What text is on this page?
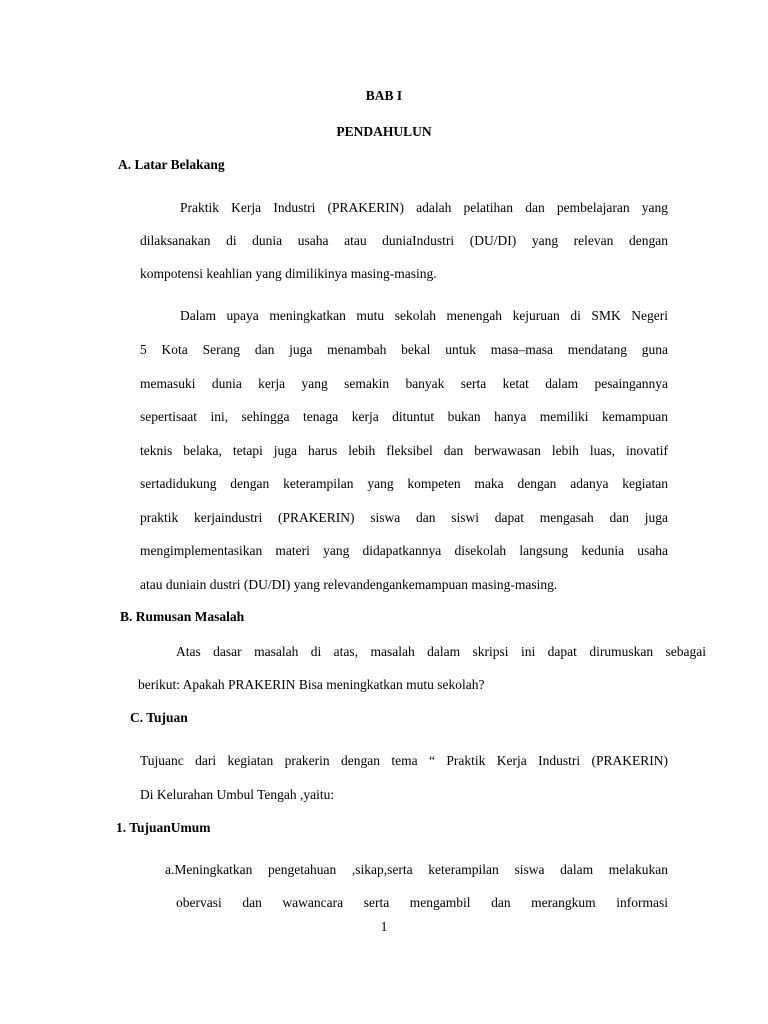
BAB I
PENDAHULUN
A. Latar Belakang
Praktik Kerja Industri (PRAKERIN) adalah pelatihan dan pembelajaran yang
dilaksanakan di dunia usaha atau duniaIndustri (DU/DI) yang relevan dengan
kompotensi keahlian yang dimilikinya masing-masing.
Dalam upaya meningkatkan mutu sekolah menengah kejuruan di SMK Negeri
5 Kota Serang dan juga menambah bekal untuk masa–masa mendatang guna
memasuki dunia kerja yang semakin banyak serta ketat dalam pesaingannya
sepertisaat ini, sehingga tenaga kerja dituntut bukan hanya memiliki kemampuan
teknis belaka, tetapi juga harus lebih fleksibel dan berwawasan lebih luas, inovatif
sertadidukung dengan keterampilan yang kompeten maka dengan adanya kegiatan
praktik kerjaindustri (PRAKERIN) siswa dan siswi dapat mengasah dan juga
mengimplementasikan materi yang didapatkannya disekolah langsung kedunia usaha
atau duniain dustri (DU/DI) yang relevandengankemampuan masing-masing.
B. Rumusan Masalah
Atas dasar masalah di atas, masalah dalam skripsi ini dapat dirumuskan sebagai
berikut: Apakah PRAKERIN Bisa meningkatkan mutu sekolah?
C. Tujuan
Tujuanc dari kegiatan prakerin dengan tema “ Praktik Kerja Industri (PRAKERIN)
Di Kelurahan Umbul Tengah ,yaitu:
1. TujuanUmum
a.Meningkatkan pengetahuan ,sikap,serta keterampilan siswa dalam melakukan
obervasi dan wawancara serta mengambil dan merangkum informasi
1
